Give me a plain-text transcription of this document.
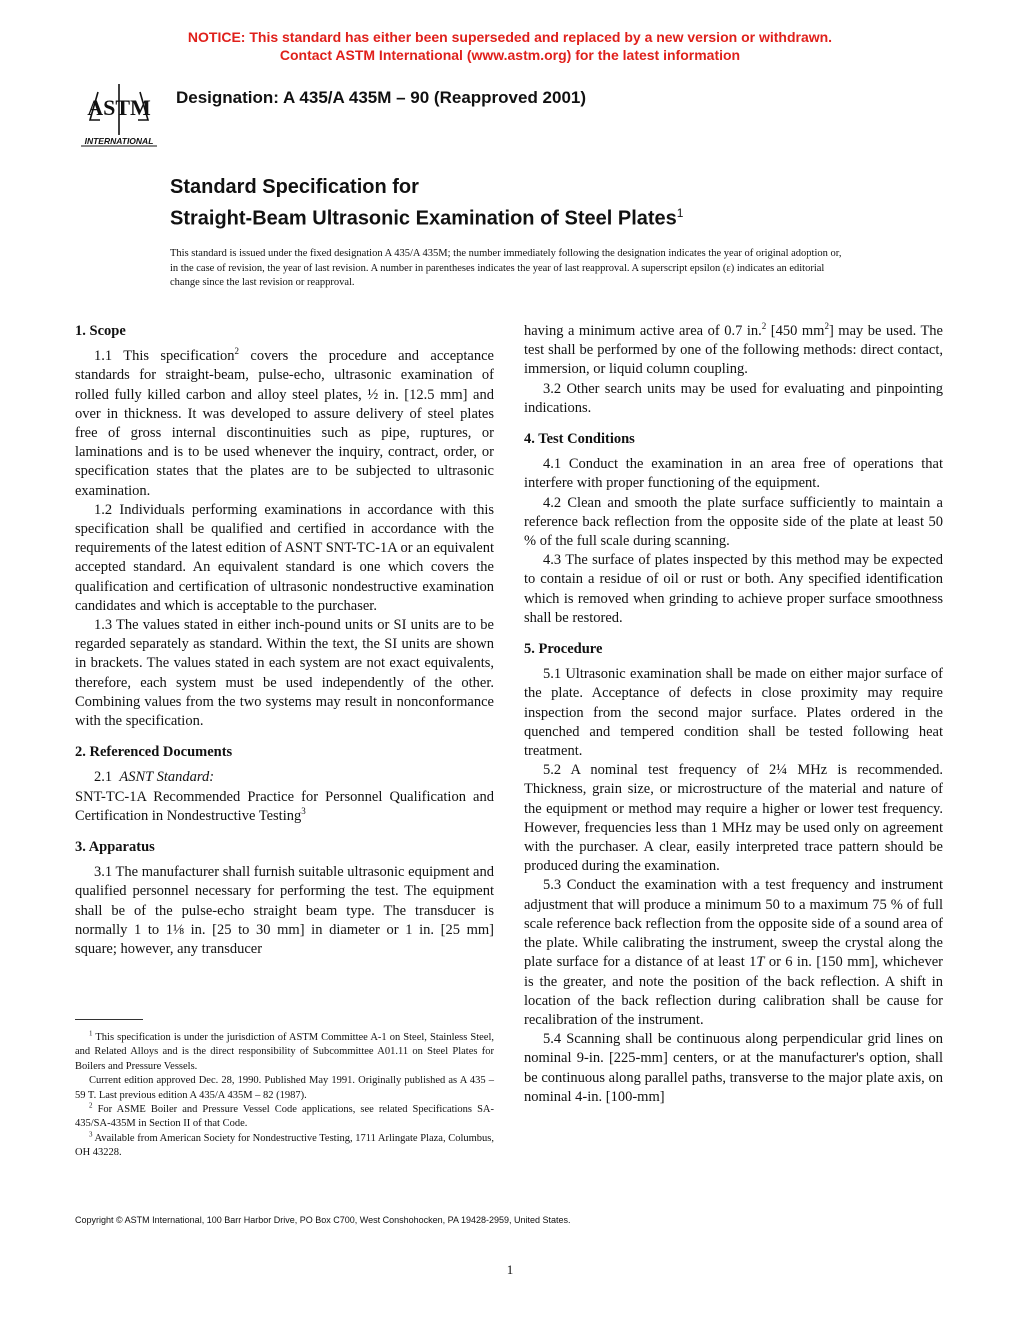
NOTICE: This standard has either been superseded and replaced by a new version or withdrawn.
Contact ASTM International (www.astm.org) for the latest information
ASTM
INTERNATIONAL
Designation: A 435/A 435M – 90 (Reapproved 2001)
Standard Specification for
Straight-Beam Ultrasonic Examination of Steel Plates$^1$
This standard is issued under the fixed designation A 435/A 435M; the number immediately following the designation indicates the year of original adoption or, in the case of revision, the year of last revision. A number in parentheses indicates the year of last reapproval. A superscript epsilon (ε) indicates an editorial change since the last revision or reapproval.
1. Scope

1.1 This specification$^2$ covers the procedure and acceptance standards for straight-beam, pulse-echo, ultrasonic examination of rolled fully killed carbon and alloy steel plates, ½ in. [12.5 mm] and over in thickness. It was developed to assure delivery of steel plates free of gross internal discontinuities such as pipe, ruptures, or laminations and is to be used whenever the inquiry, contract, order, or specification states that the plates are to be subjected to ultrasonic examination.

1.2 Individuals performing examinations in accordance with this specification shall be qualified and certified in accordance with the requirements of the latest edition of ASNT SNT-TC-1A or an equivalent accepted standard. An equivalent standard is one which covers the qualification and certification of ultrasonic nondestructive examination candidates and which is acceptable to the purchaser.

1.3 The values stated in either inch-pound units or SI units are to be regarded separately as standard. Within the text, the SI units are shown in brackets. The values stated in each system are not exact equivalents, therefore, each system must be used independently of the other. Combining values from the two systems may result in nonconformance with the specification.

2. Referenced Documents

2.1 ASNT Standard:

SNT-TC-1A Recommended Practice for Personnel Qualification and Certification in Nondestructive Testing$^3$

3. Apparatus

3.1 The manufacturer shall furnish suitable ultrasonic equipment and qualified personnel necessary for performing the test. The equipment shall be of the pulse-echo straight beam type. The transducer is normally 1 to 1⅛ in. [25 to 30 mm] in diameter or 1 in. [25 mm] square; however, any transducer

having a minimum active area of 0.7 in.$^2$ [450 $mm^2$] may be used. The test shall be performed by one of the following methods: direct contact, immersion, or liquid column coupling.

3.2 Other search units may be used for evaluating and pinpointing indications.

4. Test Conditions

4.1 Conduct the examination in an area free of operations that interfere with proper functioning of the equipment.

4.2 Clean and smooth the plate surface sufficiently to maintain a reference back reflection from the opposite side of the plate at least 50 % of the full scale during scanning.

4.3 The surface of plates inspected by this method may be expected to contain a residue of oil or rust or both. Any specified identification which is removed when grinding to achieve proper surface smoothness shall be restored.

5. Procedure

5.1 Ultrasonic examination shall be made on either major surface of the plate. Acceptance of defects in close proximity may require inspection from the second major surface. Plates ordered in the quenched and tempered condition shall be tested following heat treatment.

5.2 A nominal test frequency of 2¼ MHz is recommended. Thickness, grain size, or microstructure of the material and nature of the equipment or method may require a higher or lower test frequency. However, frequencies less than 1 MHz may be used only on agreement with the purchaser. A clear, easily interpreted trace pattern should be produced during the examination.

5.3 Conduct the examination with a test frequency and instrument adjustment that will produce a minimum 50 to a maximum 75 % of full scale reference back reflection from the opposite side of a sound area of the plate. While calibrating the instrument, sweep the crystal along the plate surface for a distance of at least 1T or 6 in. [150 mm], whichever is the greater, and note the position of the back reflection. A shift in location of the back reflection during calibration shall be cause for recalibration of the instrument.

5.4 Scanning shall be continuous along perpendicular grid lines on nominal 9-in. [225-mm] centers, or at the manufacturer's option, shall be continuous along parallel paths, transverse to the major plate axis, on nominal 4-in. [100-mm]

$^1$ This specification is under the jurisdiction of ASTM Committee A-1 on Steel, Stainless Steel, and Related Alloys and is the direct responsibility of Subcommittee A01.11 on Steel Plates for Boilers and Pressure Vessels.

Current edition approved Dec. 28, 1990. Published May 1991. Originally published as A 435 – 59 T. Last previous edition A 435/A 435M – 82 (1987).

$^2$ For ASME Boiler and Pressure Vessel Code applications, see related Specifications SA-435/SA-435M in Section II of that Code.

$^3$ Available from American Society for Nondestructive Testing, 1711 Arlingate Plaza, Columbus, OH 43228.

Copyright © ASTM International, 100 Barr Harbor Drive, PO Box C700, West Conshohocken, PA 19428-2959, United States.
1
